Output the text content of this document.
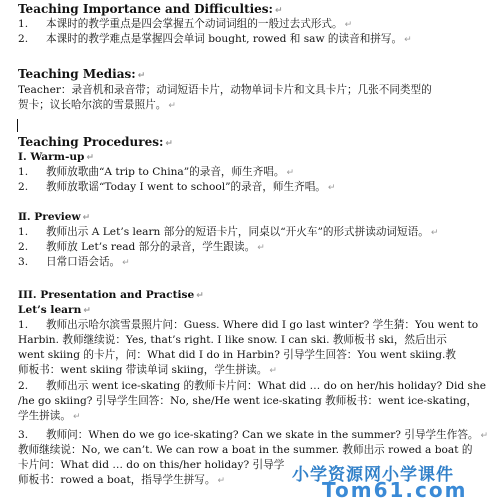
Teaching Importance and Difficulties: ↵
1. 本课时的教学重点是四会掌握五个动词词组的一般过去式形式。 ↵
2. 本课时的教学难点是掌握四会单词 bought, rowed 和 saw 的读音和拼写。 ↵
Teaching Medias: ↵
Teacher：录音机和录音带；动词短语卡片，动物单词卡片和文具卡片；几张不同类型的
贺卡；议长哈尔滨的雪景照片。 ↵
Teaching Procedures: ↵
Ⅰ. Warm-up ↵
1. 教师放歌曲“A trip to China”的录音，师生齐唱。 ↵
2. 教师放歌谣“Today I went to school”的录音，师生齐唱。 ↵
Ⅱ. Preview ↵
1. 教师出示 A Let’s learn 部分的短语卡片，同桌以“开火车”的形式拼读动词短语。 ↵
2. 教师放 Let’s read 部分的录音，学生跟读。 ↵
3. 日常口语会话。 ↵
III. Presentation and Practise ↵
Let’s learn ↵
1. 教师出示哈尔滨雪景照片问：Guess. Where did I go last winter? 学生猜：You went to
Harbin. 教师继续说：Yes, that’s right. I like snow. I can ski. 教师板书 ski，然后出示
went skiing 的卡片，问：What did I do in Harbin? 引导学生回答：You went skiing.教
师板书：went skiing 带读单词 skiing，学生拼读。 ↵
2. 教师出示 went ice-skating 的教师卡片问：What did … do on her/his holiday? Did she
/he go skiing? 引导学生回答：No, she/He went ice-skating 教师板书：went ice-skating，
学生拼读。 ↵
3. 教师问：When do we go ice-skating? Can we skate in the summer? 引导学生作答。 ↵
教师继续说：No, we can’t. We can row a boat in the summer. 教师出示 rowed a boat 的
卡片问：What did … do on this/her holiday? 引导学
师板书：rowed a boat，指导学生拼写。 ↵	小学资源网小学课件
Tom61.com
